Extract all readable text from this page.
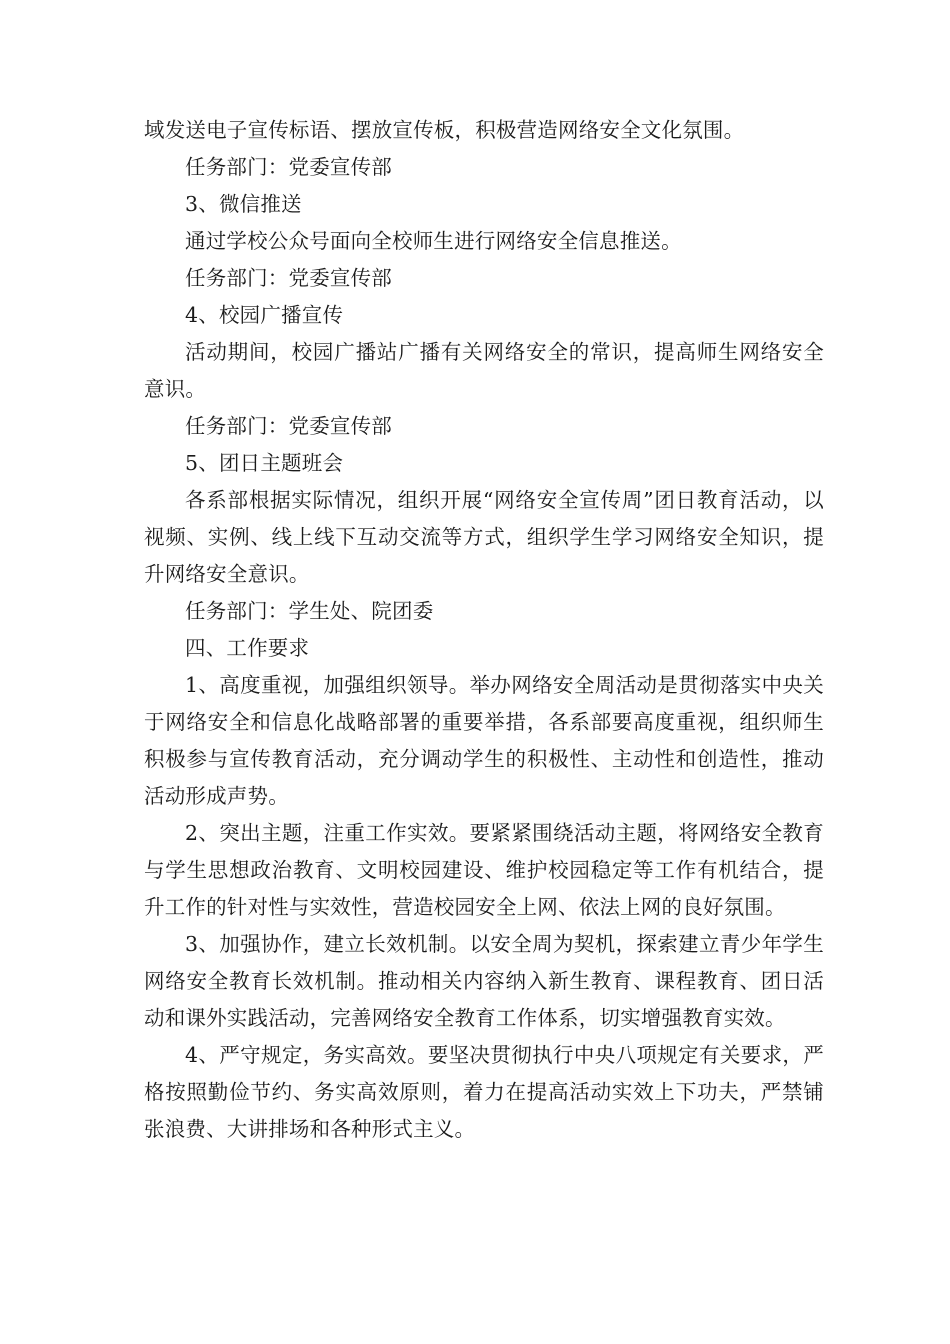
域发送电子宣传标语、摆放宣传板，积极营造网络安全文化氛围。

任务部门：党委宣传部

3、微信推送

通过学校公众号面向全校师生进行网络安全信息推送。

任务部门：党委宣传部

4、校园广播宣传

活动期间，校园广播站广播有关网络安全的常识，提高师生网络安全意识。

任务部门：党委宣传部

5、团日主题班会

各系部根据实际情况，组织开展“网络安全宣传周”团日教育活动，以视频、实例、线上线下互动交流等方式，组织学生学习网络安全知识，提升网络安全意识。

任务部门：学生处、院团委

四、工作要求

1、高度重视，加强组织领导。举办网络安全周活动是贯彻落实中央关于网络安全和信息化战略部署的重要举措，各系部要高度重视，组织师生积极参与宣传教育活动，充分调动学生的积极性、主动性和创造性，推动活动形成声势。

2、突出主题，注重工作实效。要紧紧围绕活动主题，将网络安全教育与学生思想政治教育、文明校园建设、维护校园稳定等工作有机结合，提升工作的针对性与实效性，营造校园安全上网、依法上网的良好氛围。

3、加强协作，建立长效机制。以安全周为契机，探索建立青少年学生网络安全教育长效机制。推动相关内容纳入新生教育、课程教育、团日活动和课外实践活动，完善网络安全教育工作体系，切实增强教育实效。

4、严守规定，务实高效。要坚决贯彻执行中央八项规定有关要求，严格按照勤俭节约、务实高效原则，着力在提高活动实效上下功夫，严禁铺张浪费、大讲排场和各种形式主义。
